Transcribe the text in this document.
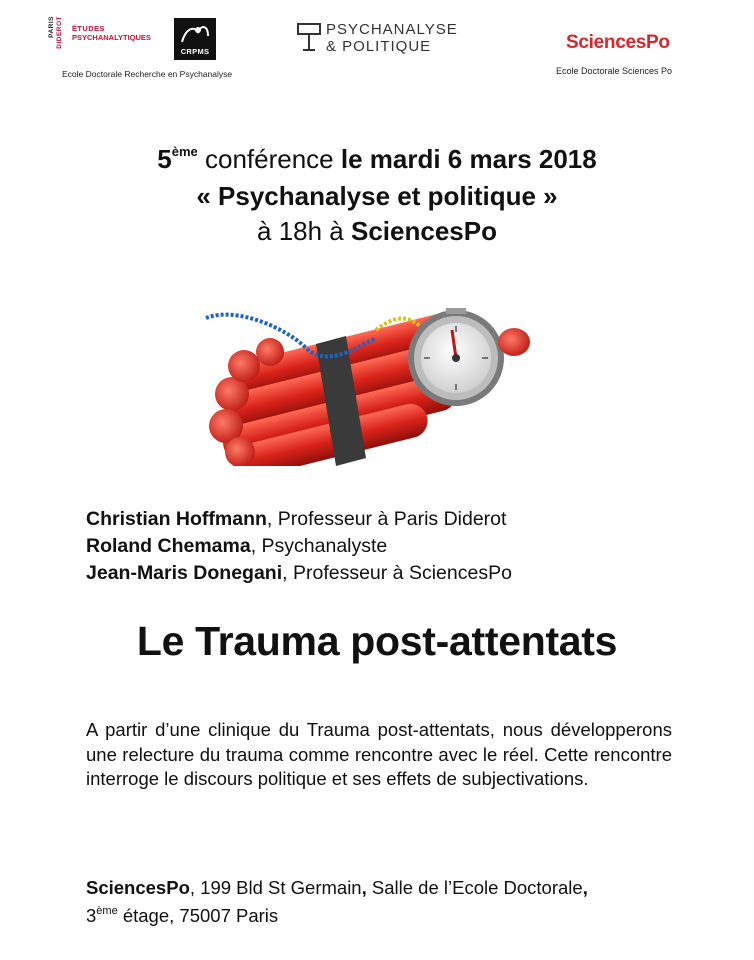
PARIS DIDEROT ÉTUDES
PSYCHANALYTIQUES
CRPMS
Ecole Doctorale Recherche en Psychanalyse
PSYCHANALYSE
& POLITIQUE	SciencesPo
Ecole Doctorale Sciences Po
5ème conférence le mardi 6 mars 2018
« Psychanalyse et politique »
à 18h à SciencesPo
Christian Hoffmann, Professeur à Paris Diderot
Roland Chemama, Psychanalyste
Jean-Maris Donegani, Professeur à SciencesPo
Le Trauma post-attentats
A partir d’une clinique du Trauma post-attentats, nous développerons une relecture du trauma comme rencontre avec le réel. Cette rencontre interroge le discours politique et ses effets de subjectivations.
SciencesPo, 199 Bld St Germain, Salle de l’Ecole Doctorale,
3ème étage, 75007 Paris
